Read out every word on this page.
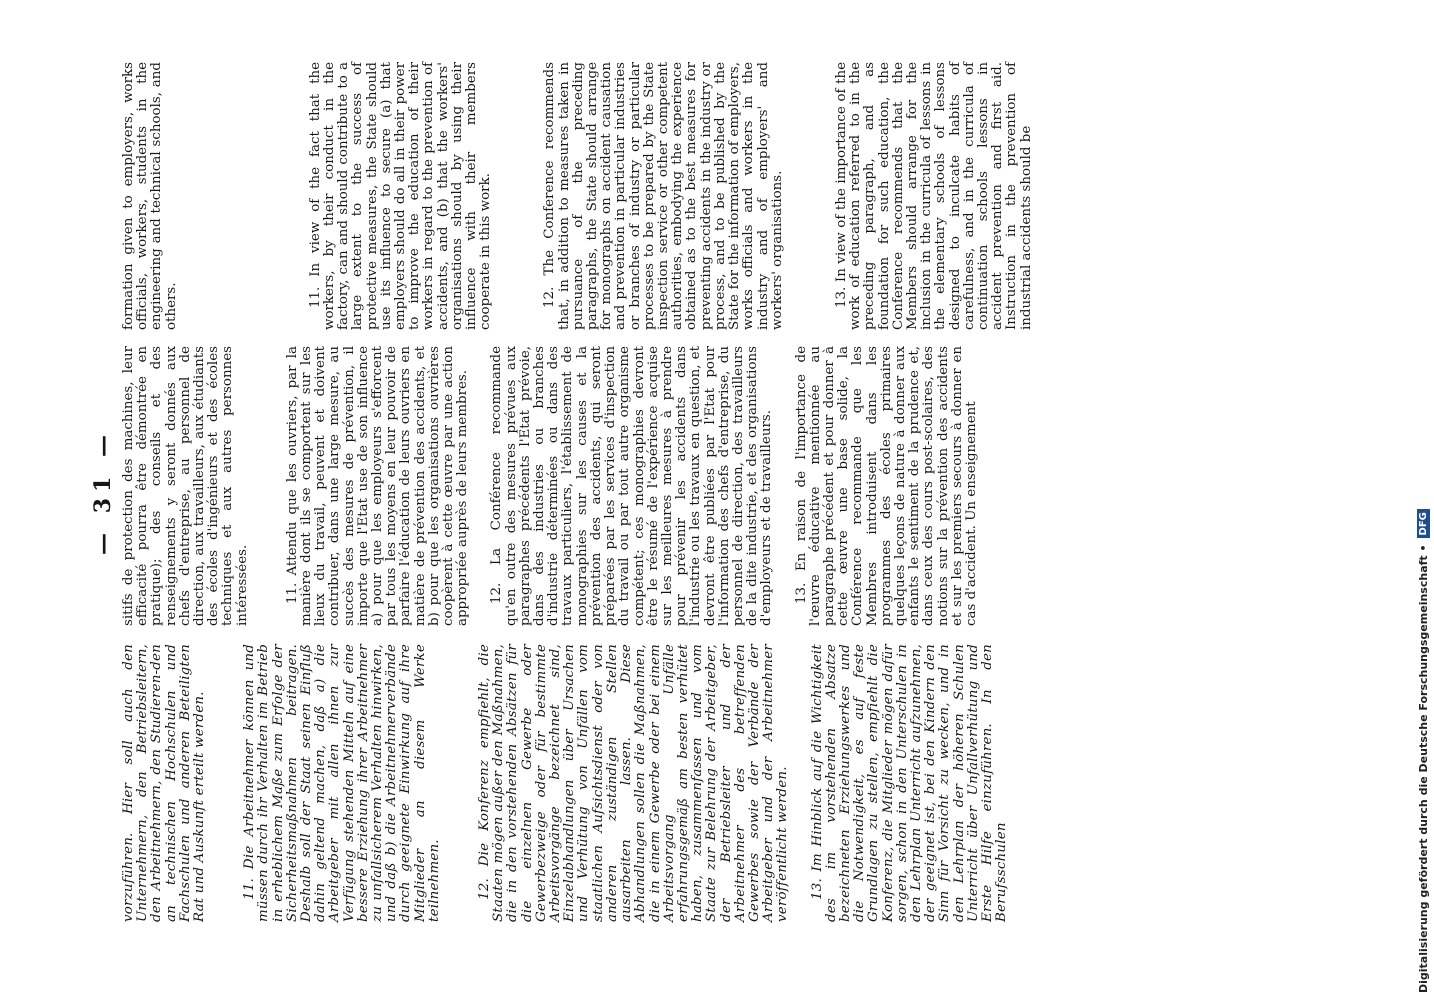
— 31 —

vorzuführen. Hier soll auch den Unternehmern, den Betriebsleitern, den Arbeitnehmern, den Studieren-den an technischen Hochschulen und Fachschulen und anderen Beteiligten Rat und Auskunft erteilt werden.	11. Die Arbeitnehmer können und müssen durch ihr Verhalten im Betrieb in erheblichem Maße zum Erfolge der Sicherheitsmaßnahmen beitragen. Deshalb soll der Staat seinen Einfluß dahin geltend machen, daß a) die Arbeitgeber mit allen ihnen zur Verfügung stehenden Mitteln auf eine bessere Erziehung ihrer Arbeitnehmer zu unfallsicherem Verhalten hinwirken, und daß b) die Arbeitnehmerverbände durch geeignete Einwirkung auf ihre Mitglieder an diesem Werke teilnehmen.	12. Die Konferenz empfiehlt, die Staaten mögen außer den Maßnahmen, die in den vorstehenden Absätzen für die einzelnen Gewerbe oder Gewerbezweige oder für bestimmte Arbeitsvorgänge bezeichnet sind, Einzelabhandlungen über Ursachen und Verhütung von Unfällen vom staatlichen Aufsichtsdienst oder von anderen zuständigen Stellen ausarbeiten lassen. Diese Abhandlungen sollen die Maßnahmen, die in einem Gewerbe oder bei einem Arbeitsvorgang Unfälle erfahrungsgemäß am besten verhütet haben, zusammenfassen und vom Staate zur Belehrung der Arbeitgeber, der Betriebsleiter und der Arbeitnehmer des betreffenden Gewerbes sowie der Verbände der Arbeitgeber und der Arbeitnehmer veröffentlicht werden. 13. Im Hinblick auf die Wichtigkeit des im vorstehenden Absatze bezeichneten Erziehungswerkes und die Notwendigkeit, es auf feste Grundlagen zu stellen, empfiehlt die Konferenz, die Mitglieder mögen dafür sorgen, schon in den Unterschulen in den Lehrplan Unterricht aufzunehmen, der geeignet ist, bei den Kindern den Sinn für Vorsicht zu wecken, und in den Lehrplan der höheren Schulen Unterricht über Unfallverhütung und Erste Hilfe einzuführen. In den Berufsschulen

sitifs de protection des machines, leur efficacité pourra être démontrée en pratique); des conseils et des renseignements y seront donnés aux chefs d'entreprise, au personnel de direction, aux travailleurs, aux étudiants des écoles d'ingénieurs et des écoles techniques et aux autres personnes intéressées.	11. Attendu que les ouvriers, par la manière dont ils se comportent sur les lieux du travail, peuvent et doivent contribuer, dans une large mesure, au succès des mesures de prévention, il importe que l'Etat use de son influence a) pour que les employeurs s'efforcent par tous les moyens en leur pouvoir de parfaire l'éducation de leurs ouvriers en matière de prévention des accidents, et b) pour que les organisations ouvrières coopèrent à cette œuvre par une action appropriée auprès de leurs membres. 12. La Conférence recommande qu'en outre des mesures prévues aux paragraphes précédents l'Etat prévoie, dans des industries ou branches d'industrie déterminées ou dans des travaux particuliers, l'établissement de monographies sur les causes et la prévention des accidents, qui seront préparées par les services d'inspection du travail ou par tout autre organisme compétent; ces monographies devront être le résumé de l'expérience acquise sur les meilleures mesures à prendre pour prévenir les accidents dans l'industrie ou les travaux en question, et devront être publiées par l'Etat pour l'information des chefs d'entreprise, du personnel de direction, des travailleurs de la dite industrie, et des organisations d'employeurs et de travailleurs. 13. En raison de l'importance de l'œuvre éducative mentionnée au paragraphe précédent et pour donner à cette œuvre une base solide, la Conférence recommande que les Membres introduisent dans les programmes des écoles primaires quelques leçons de nature à donner aux enfants le sentiment de la prudence et, dans ceux des cours post-scolaires, des notions sur la prévention des accidents et sur les premiers secours à donner en cas d'accident. Un enseignement

formation given to employers, works officials, workers, students in the engineering and technical schools, and others.	11. In view of the fact that the workers, by their conduct in the factory, can and should contribute to a large extent to the success of protective measures, the State should use its influence to secure (a) that employers should do all in their power to improve the education of their workers in regard to the prevention of accidents, and (b) that the workers' organisations should by using their influence with their members cooperate in this work.	12. The Conference recommends that, in addition to measures taken in pursuance of the preceding paragraphs, the State should arrange for monographs on accident causation and prevention in particular industries or branches of industry or particular processes to be prepared by the State inspection service or other competent authorities, embodying the experience obtained as to the best measures for preventing accidents in the industry or process, and to be published by the State for the information of employers, works officials and workers in the industry and of employers' and workers' organisations.	13. In view of the importance of the work of education referred to in the preceding paragraph, and as foundation for such education, the Conference recommends that the Members should arrange for the inclusion in the curricula of lessons in the elementary schools of lessons designed to inculcate habits of carefulness, and in the curricula of continuation schools lessons in accident prevention and first aid. Instruction in the prevention of industrial accidents should be

Digitalisierung gefördert durch die Deutsche Forschungsgemeinschaft •
DFG
